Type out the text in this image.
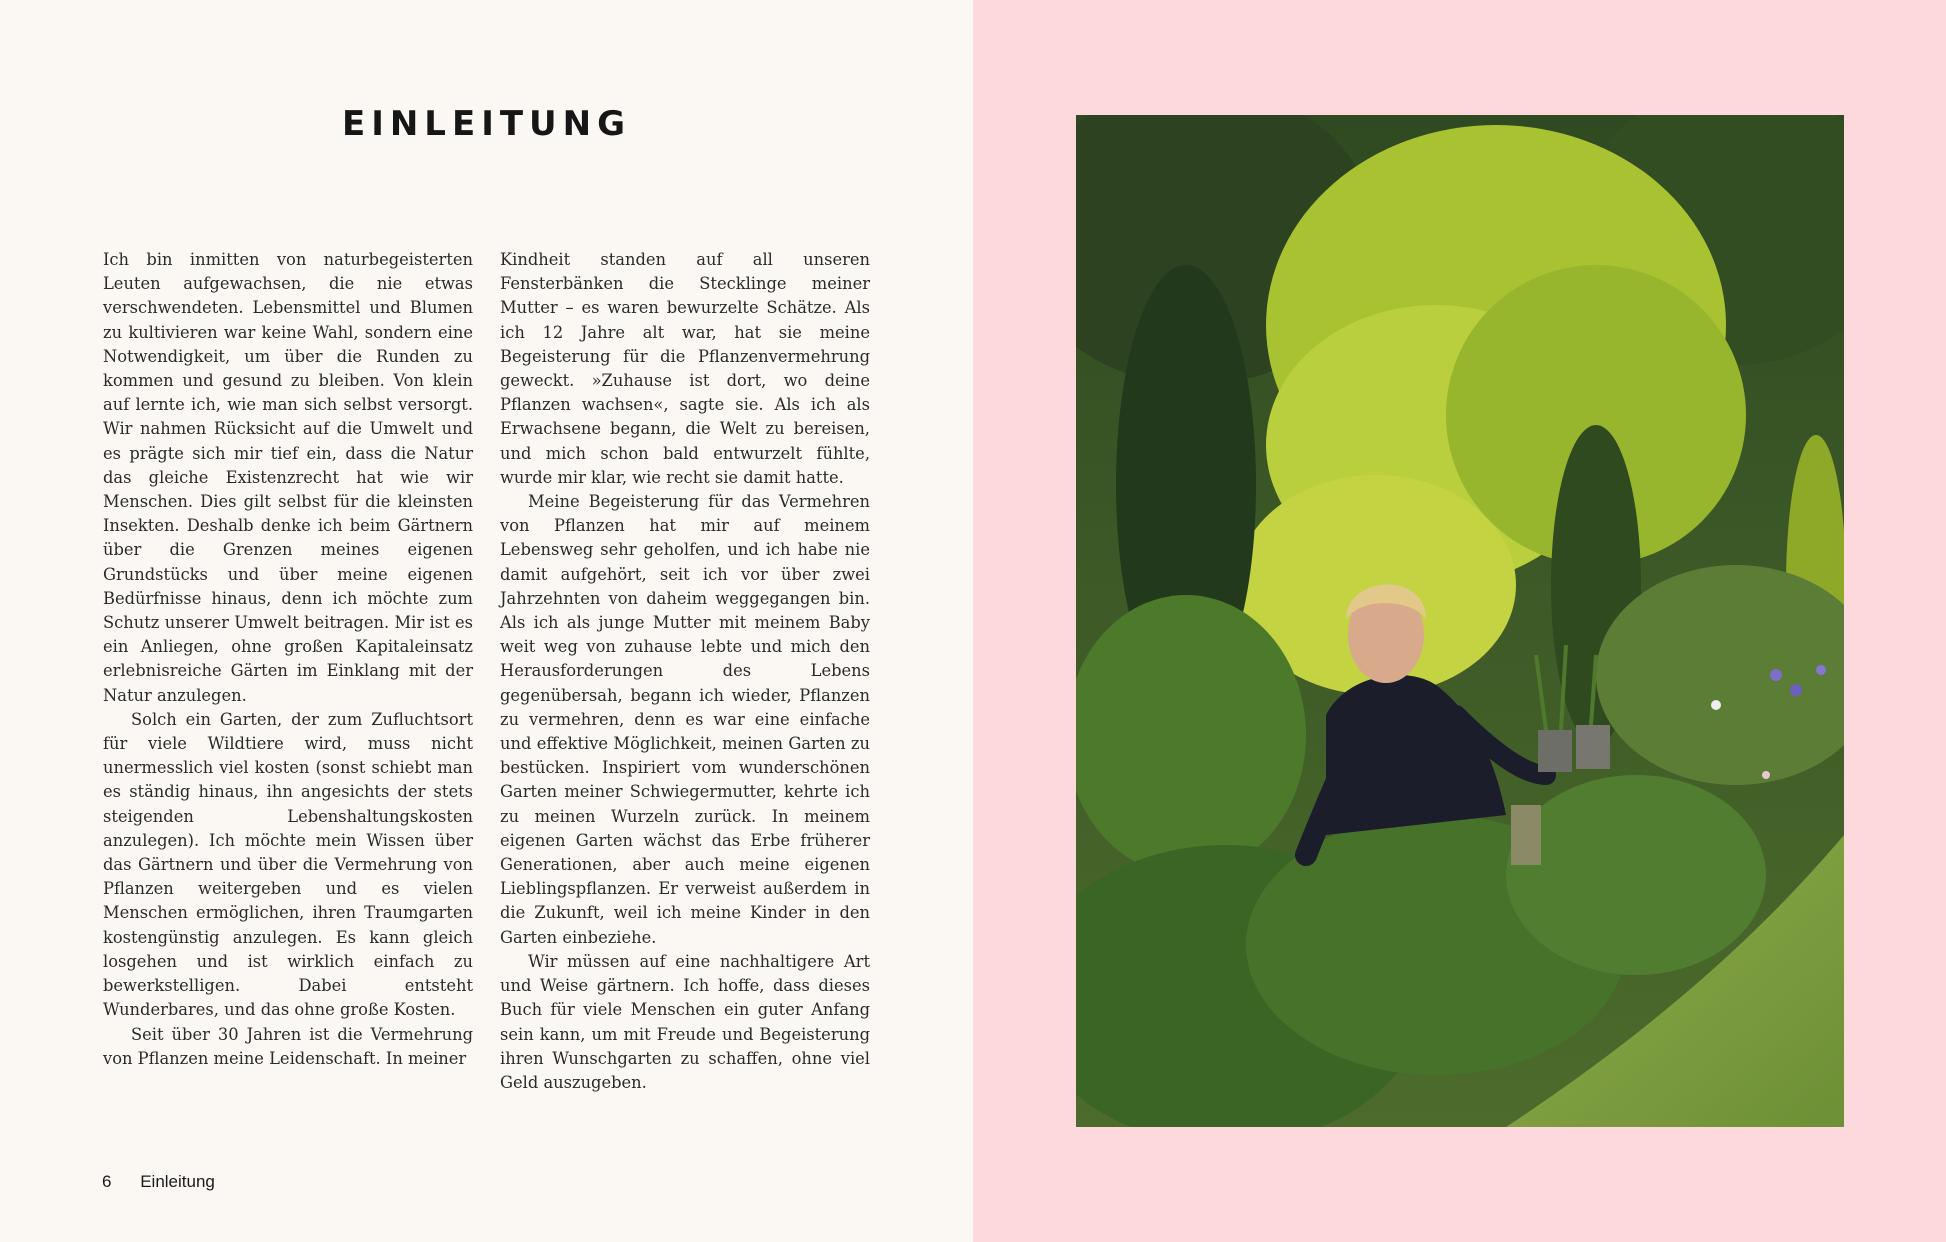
EINLEITUNG

Ich bin inmitten von naturbegeisterten Leuten aufgewachsen, die nie etwas verschwendeten. Lebensmittel und Blumen zu kultivieren war keine Wahl, sondern eine Notwendigkeit, um über die Runden zu kommen und gesund zu bleiben. Von klein auf lernte ich, wie man sich selbst versorgt. Wir nahmen Rücksicht auf die Umwelt und es prägte sich mir tief ein, dass die Natur das gleiche Existenzrecht hat wie wir Menschen. Dies gilt selbst für die kleinsten Insekten. Deshalb denke ich beim Gärtnern über die Grenzen meines eigenen Grundstücks und über meine eigenen Bedürfnisse hinaus, denn ich möchte zum Schutz unserer Umwelt beitragen. Mir ist es ein Anliegen, ohne großen Kapitaleinsatz erlebnisreiche Gärten im Einklang mit der Natur anzulegen.

Solch ein Garten, der zum Zufluchtsort für viele Wildtiere wird, muss nicht unermesslich viel kosten (sonst schiebt man es ständig hinaus, ihn angesichts der stets steigenden Lebenshaltungskosten anzulegen). Ich möchte mein Wissen über das Gärtnern und über die Vermehrung von Pflanzen weitergeben und es vielen Menschen ermöglichen, ihren Traumgarten kostengünstig anzulegen. Es kann gleich losgehen und ist wirklich einfach zu bewerkstelligen. Dabei entsteht Wunderbares, und das ohne große Kosten.

Seit über 30 Jahren ist die Vermehrung von Pflanzen meine Leidenschaft. In meiner

Kindheit standen auf all unseren Fensterbänken die Stecklinge meiner Mutter – es waren bewurzelte Schätze. Als ich 12 Jahre alt war, hat sie meine Begeisterung für die Pflanzenvermehrung geweckt. »Zuhause ist dort, wo deine Pflanzen wachsen«, sagte sie. Als ich als Erwachsene begann, die Welt zu bereisen, und mich schon bald entwurzelt fühlte, wurde mir klar, wie recht sie damit hatte.

Meine Begeisterung für das Vermehren von Pflanzen hat mir auf meinem Lebensweg sehr geholfen, und ich habe nie damit aufgehört, seit ich vor über zwei Jahrzehnten von daheim weggegangen bin. Als ich als junge Mutter mit meinem Baby weit weg von zuhause lebte und mich den Herausforderungen des Lebens gegenübersah, begann ich wieder, Pflanzen zu vermehren, denn es war eine einfache und effektive Möglichkeit, meinen Garten zu bestücken. Inspiriert vom wunderschönen Garten meiner Schwiegermutter, kehrte ich zu meinen Wurzeln zurück. In meinem eigenen Garten wächst das Erbe früherer Generationen, aber auch meine eigenen Lieblingspflanzen. Er verweist außerdem in die Zukunft, weil ich meine Kinder in den Garten einbeziehe.

Wir müssen auf eine nachhaltigere Art und Weise gärtnern. Ich hoffe, dass dieses Buch für viele Menschen ein guter Anfang sein kann, um mit Freude und Begeisterung ihren Wunschgarten zu schaffen, ohne viel Geld auszugeben.

6 Einleitung
